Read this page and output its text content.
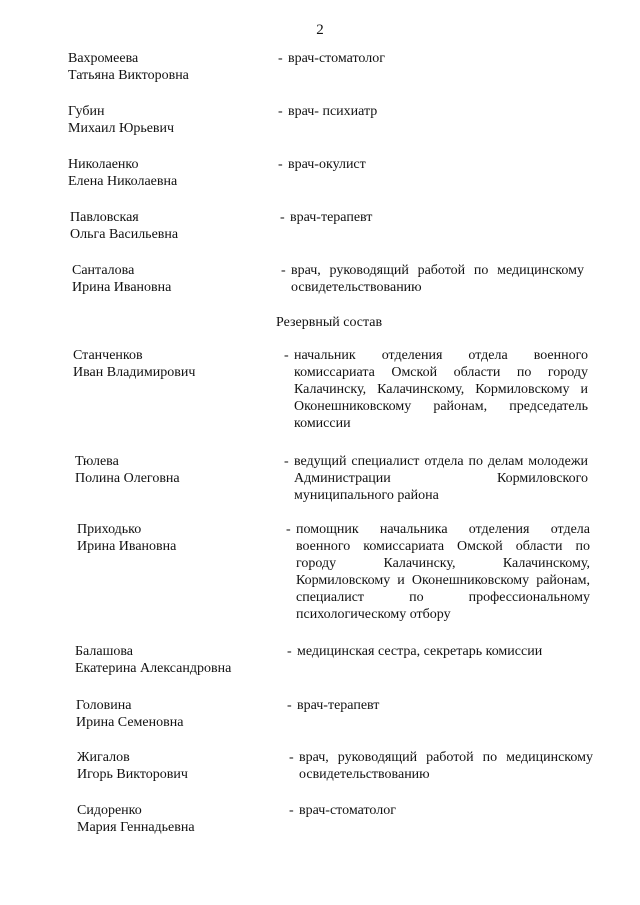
2
Вахромеева
Татьяна Викторовна
- врач-стоматолог
Губин
Михаил Юрьевич
- врач- психиатр
Николаенко
Елена Николаевна
- врач-окулист
Павловская
Ольга Васильевна
- врач-терапевт
Санталова
Ирина Ивановна
- врач, руководящий работой по медицинскому освидетельствованию
Резервный состав
Станченков
Иван Владимирович
- начальник отделения отдела военного комиссариата Омской области по городу Калачинску, Калачинскому, Кормиловскому и Оконешниковскому районам, председатель комиссии
Тюлева
Полина Олеговна
- ведущий специалист отдела по делам молодежи Администрации Кормиловского муниципального района
Приходько
Ирина Ивановна
- помощник начальника отделения отдела военного комиссариата Омской области по городу Калачинску, Калачинскому, Кормиловскому и Оконешниковскому районам, специалист по профессиональному психологическому отбору
Балашова
Екатерина Александровна
- медицинская сестра, секретарь комиссии
Головина
Ирина Семеновна
- врач-терапевт
Жигалов
Игорь Викторович
- врач, руководящий работой по медицинскому освидетельствованию
Сидоренко
Мария Геннадьевна
- врач-стоматолог
